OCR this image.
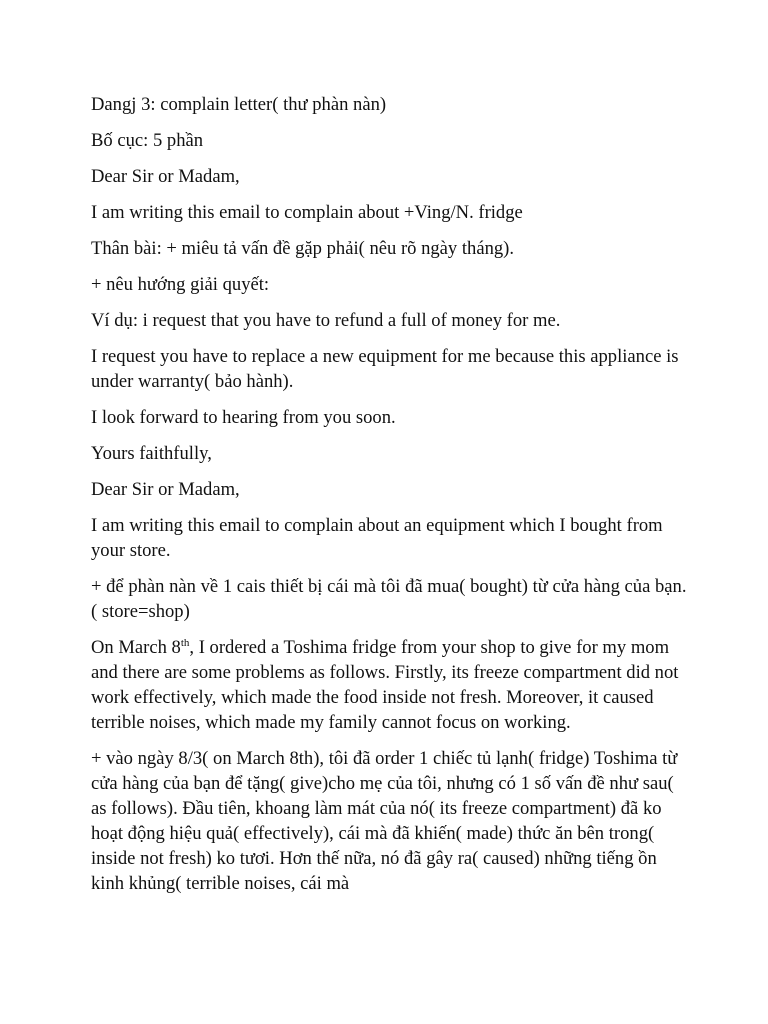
Dangj 3: complain letter( thư phàn nàn)

Bố cục: 5 phần

Dear Sir or Madam,

I am writing this email to complain about +Ving/N. fridge

Thân bài: + miêu tả vấn đề gặp phải( nêu rõ ngày tháng).

+ nêu hướng giải quyết:

Ví dụ: i request that you have to refund a full of money for me.

I request you have to replace a new equipment for me because this appliance is under warranty( bảo hành).

I look forward to hearing from you soon.

Yours faithfully,

Dear Sir or Madam,

I am writing this email to complain about an equipment which I bought from your store.

+ để phàn nàn về 1 cais thiết bị cái mà tôi đã mua( bought) từ cửa hàng của bạn. ( store=shop)

On March 8th, I ordered a Toshima fridge from your shop to give for my mom and there are some problems as follows. Firstly, its freeze compartment did not work effectively, which made the food inside not fresh. Moreover, it caused terrible noises, which made my family cannot focus on working.

+ vào ngày 8/3( on March 8th), tôi đã order 1 chiếc tủ lạnh( fridge) Toshima từ cửa hàng của bạn để tặng( give)cho mẹ của tôi, nhưng có 1 số vấn đề như sau( as follows). Đầu tiên, khoang làm mát của nó( its freeze compartment) đã ko hoạt động hiệu quả( effectively), cái mà đã khiến( made) thức ăn bên trong( inside not fresh) ko tươi. Hơn thế nữa, nó đã gây ra( caused) những tiếng ồn kinh khủng( terrible noises, cái mà
